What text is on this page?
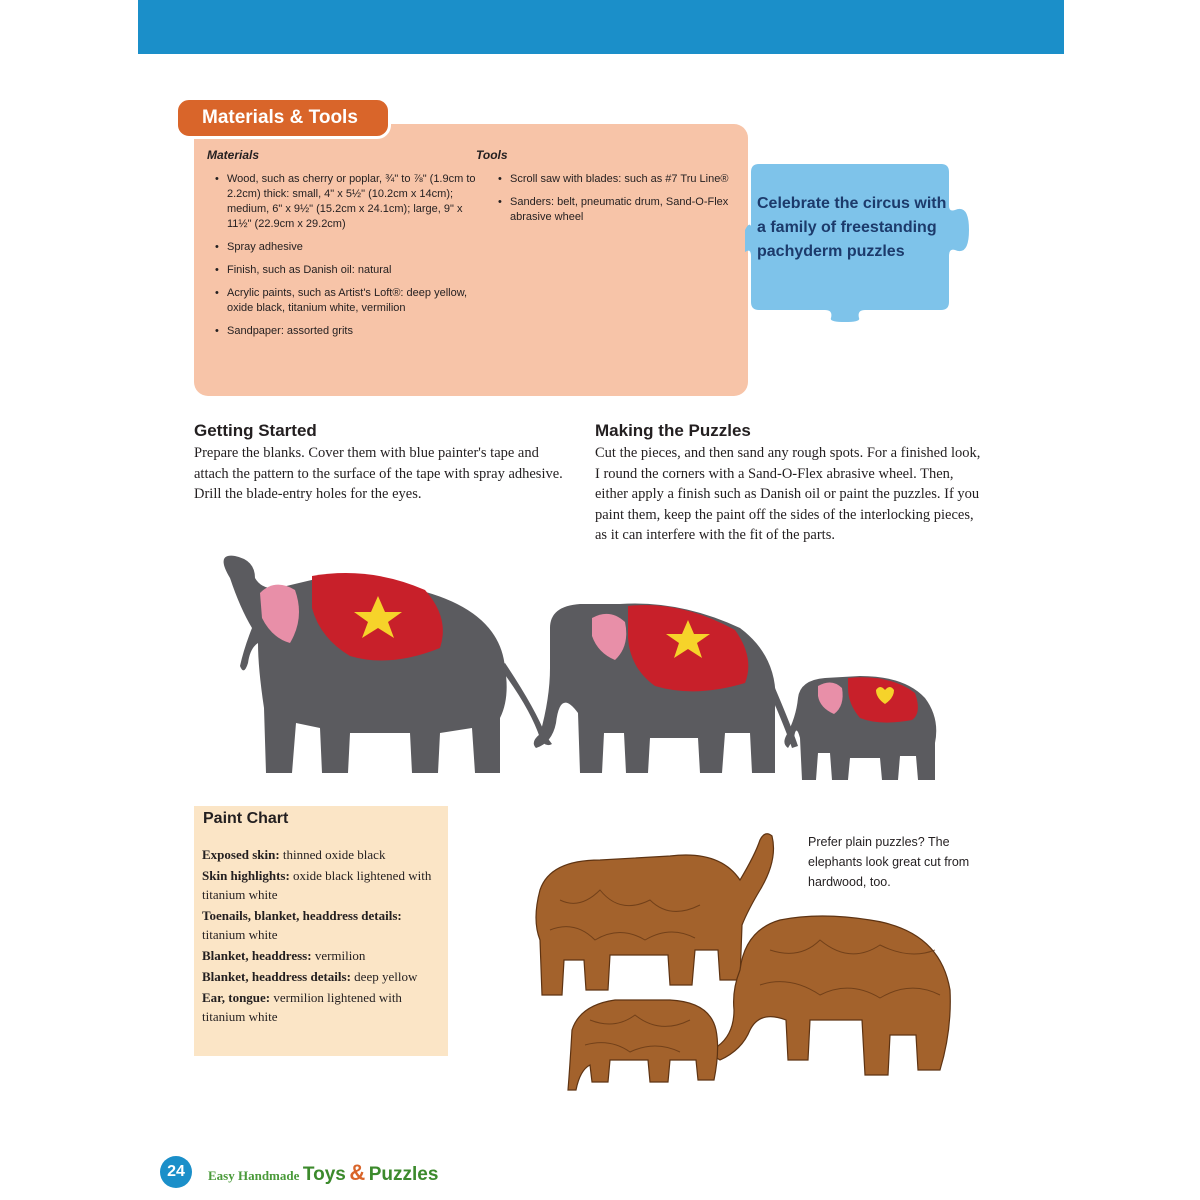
Materials & Tools
Materials
• Wood, such as cherry or poplar, ¾" to ⅞" (1.9cm to 2.2cm) thick: small, 4" x 5½" (10.2cm x 14cm); medium, 6" x 9½" (15.2cm x 24.1cm); large, 9" x 11½" (22.9cm x 29.2cm)
• Spray adhesive
• Finish, such as Danish oil: natural
• Acrylic paints, such as Artist's Loft®: deep yellow, oxide black, titanium white, vermilion
• Sandpaper: assorted grits
Tools
• Scroll saw with blades: such as #7 Tru Line®
• Sanders: belt, pneumatic drum, Sand-O-Flex abrasive wheel
Celebrate the circus with a family of freestanding pachyderm puzzles
Getting Started

Prepare the blanks. Cover them with blue painter's tape and attach the pattern to the surface of the tape with spray adhesive. Drill the blade-entry holes for the eyes.

Making the Puzzles

Cut the pieces, and then sand any rough spots. For a finished look, I round the corners with a Sand-O-Flex abrasive wheel. Then, either apply a finish such as Danish oil or paint the puzzles. If you paint them, keep the paint off the sides of the interlocking pieces, as it can interfere with the fit of the parts.

Paint Chart
Exposed skin: thinned oxide black
Skin highlights: oxide black lightened with titanium white
Toenails, blanket, headdress details: titanium white
Blanket, headdress: vermilion
Blanket, headdress details: deep yellow
Ear, tongue: vermilion lightened with titanium white
Prefer plain puzzles? The elephants look great cut from hardwood, too.
24	Easy Handmade Toys & Puzzles
